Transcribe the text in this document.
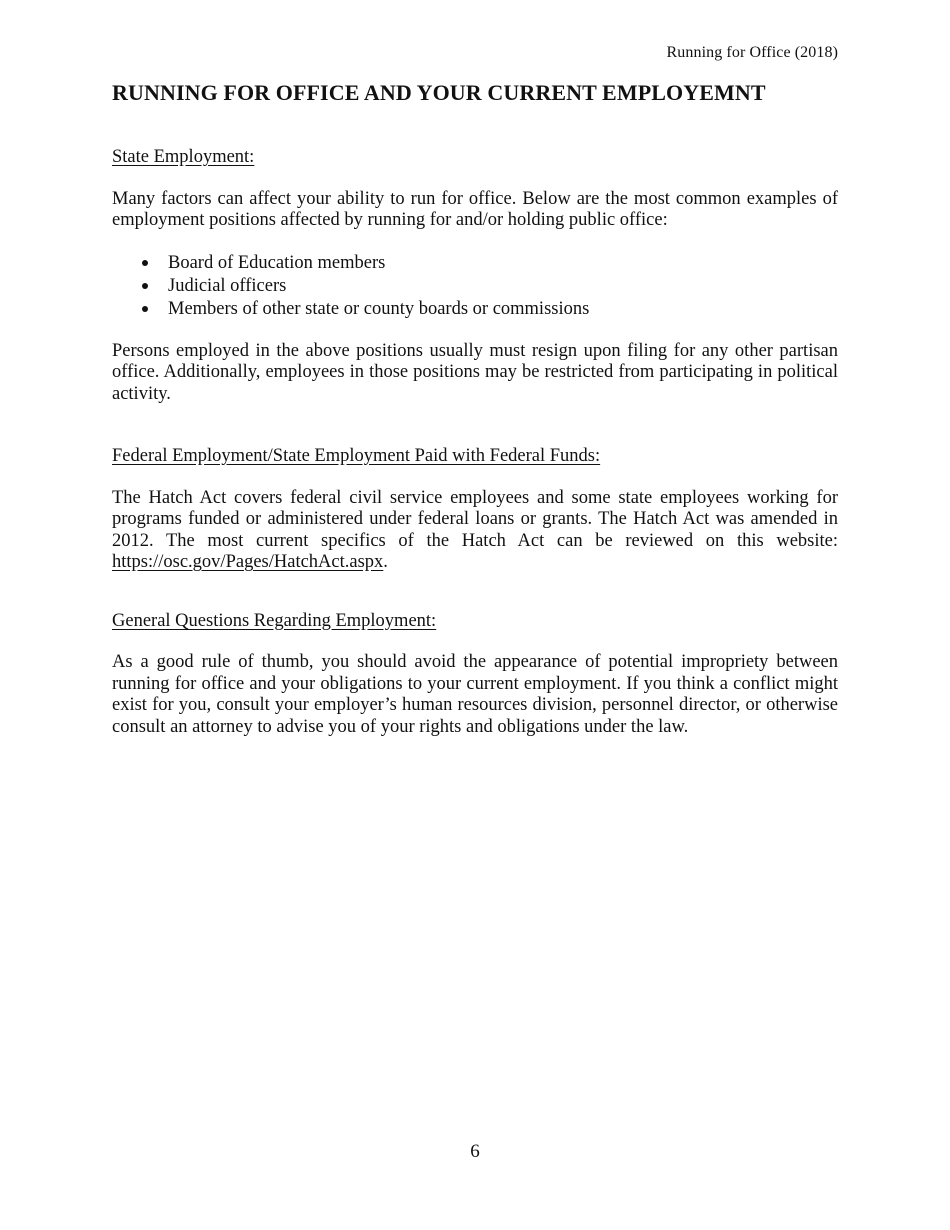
Running for Office (2018)
RUNNING FOR OFFICE AND YOUR CURRENT EMPLOYEMNT
State Employment:

Many factors can affect your ability to run for office. Below are the most common examples of employment positions affected by running for and/or holding public office:

Board of Education members
Judicial officers
Members of other state or county boards or commissions

Persons employed in the above positions usually must resign upon filing for any other partisan office. Additionally, employees in those positions may be restricted from participating in political activity.

Federal Employment/State Employment Paid with Federal Funds:

The Hatch Act covers federal civil service employees and some state employees working for programs funded or administered under federal loans or grants. The Hatch Act was amended in 2012. The most current specifics of the Hatch Act can be reviewed on this website: https://osc.gov/Pages/HatchAct.aspx.

General Questions Regarding Employment:

As a good rule of thumb, you should avoid the appearance of potential impropriety between running for office and your obligations to your current employment. If you think a conflict might exist for you, consult your employer’s human resources division, personnel director, or otherwise consult an attorney to advise you of your rights and obligations under the law.

6
